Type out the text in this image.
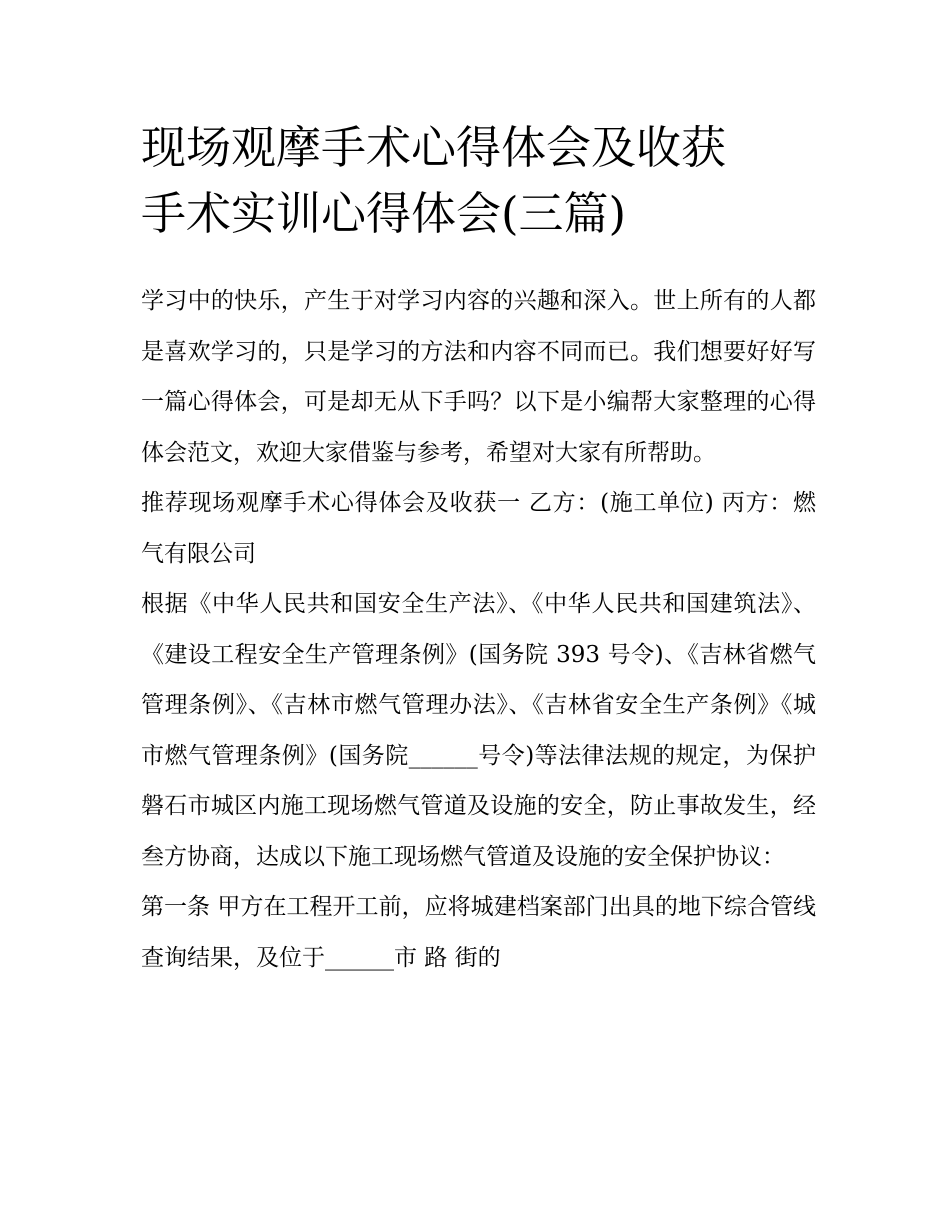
现场观摩手术心得体会及收获
手术实训心得体会(三篇)

学习中的快乐，产生于对学习内容的兴趣和深入。世上所有的人都是喜欢学习的，只是学习的方法和内容不同而已。我们想要好好写一篇心得体会，可是却无从下手吗？以下是小编帮大家整理的心得体会范文，欢迎大家借鉴与参考，希望对大家有所帮助。

推荐现场观摩手术心得体会及收获一 乙方：(施工单位) 丙方：燃气有限公司

根据《中华人民共和国安全生产法》、《中华人民共和国建筑法》、《建设工程安全生产管理条例》(国务院 393 号令)、《吉林省燃气管理条例》、《吉林市燃气管理办法》、《吉林省安全生产条例》《城市燃气管理条例》(国务院______号令)等法律法规的规定，为保护磐石市城区内施工现场燃气管道及设施的安全，防止事故发生，经叁方协商，达成以下施工现场燃气管道及设施的安全保护协议：

第一条 甲方在工程开工前，应将城建档案部门出具的地下综合管线查询结果，及位于______市 路 街的
